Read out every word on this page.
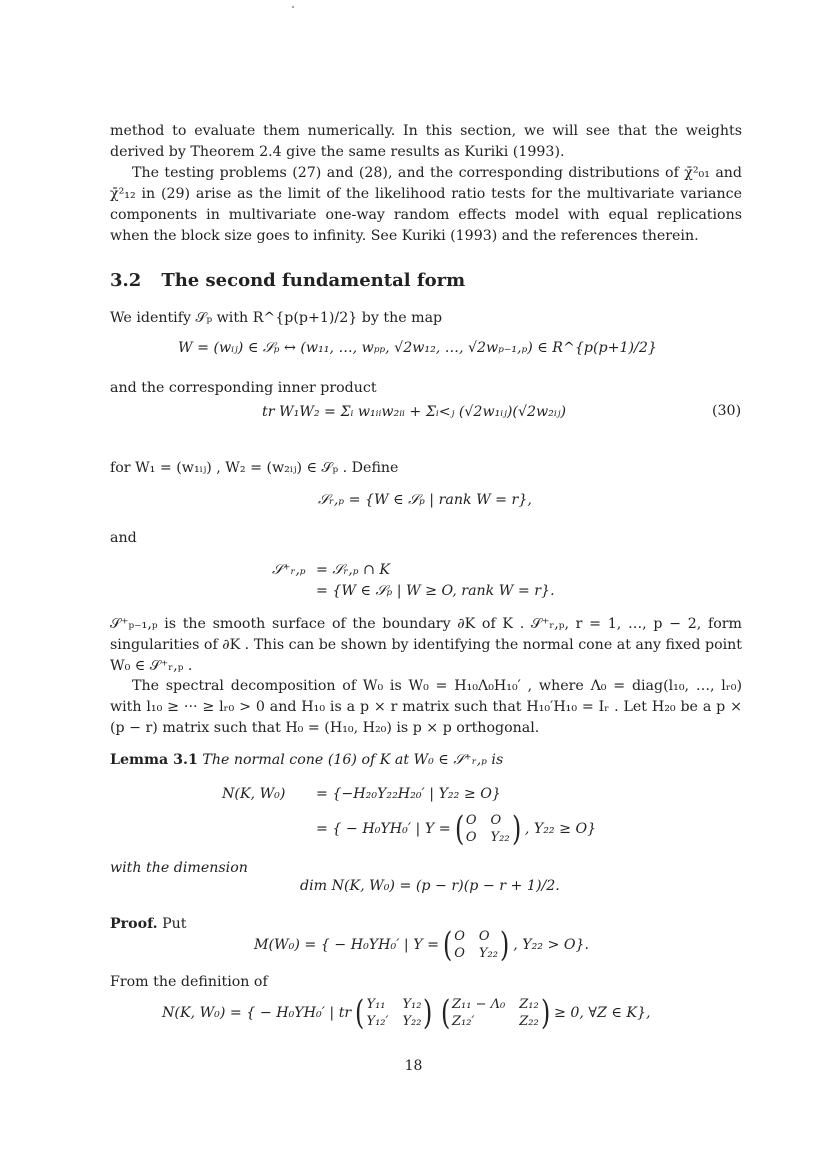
method to evaluate them numerically. In this section, we will see that the weights derived by Theorem 2.4 give the same results as Kuriki (1993).
The testing problems (27) and (28), and the corresponding distributions of χ̄²₀₁ and χ̄²₁₂ in (29) arise as the limit of the likelihood ratio tests for the multivariate variance components in multivariate one-way random effects model with equal replications when the block size goes to infinity. See Kuriki (1993) and the references therein.
3.2 The second fundamental form
We identify 𝒮ₚ with R^{p(p+1)/2} by the map
W = (wᵢⱼ) ∈ 𝒮ₚ ↔ (w₁₁, …, wₚₚ, √2w₁₂, …, √2wₚ₋₁,ₚ) ∈ R^{p(p+1)/2}
and the corresponding inner product
tr W₁W₂ = Σᵢ w₁ᵢᵢw₂ᵢᵢ + Σᵢ<ⱼ (√2w₁ᵢⱼ)(√2w₂ᵢⱼ)	(30)
for W₁ = (w₁ᵢⱼ) , W₂ = (w₂ᵢⱼ) ∈ 𝒮ₚ . Define
𝒮ᵣ,ₚ = {W ∈ 𝒮ₚ | rank W = r},
and
𝒮⁺ᵣ,ₚ = 𝒮ᵣ,ₚ ∩ K
= {W ∈ 𝒮ₚ | W ≥ O, rank W = r}.
𝒮⁺ₚ₋₁,ₚ is the smooth surface of the boundary ∂K of K . 𝒮⁺ᵣ,ₚ, r = 1, …, p − 2, form singularities of ∂K . This can be shown by identifying the normal cone at any fixed point W₀ ∈ 𝒮⁺ᵣ,ₚ .
The spectral decomposition of W₀ is W₀ = H₁₀Λ₀H₁₀′ , where Λ₀ = diag(l₁₀, …, lᵣ₀) with l₁₀ ≥ ··· ≥ lᵣ₀ > 0 and H₁₀ is a p × r matrix such that H₁₀′H₁₀ = Iᵣ . Let H₂₀ be a p × (p − r) matrix such that H₀ = (H₁₀, H₂₀) is p × p orthogonal.
Lemma 3.1 The normal cone (16) of K at W₀ ∈ 𝒮⁺ᵣ,ₚ is
N(K, W₀) = {−H₂₀Y₂₂H₂₀′ | Y₂₂ ≥ O}
= { − H₀YH₀′ | Y = ( O O
O Y₂₂ ) , Y₂₂ ≥ O}
with the dimension
dim N(K, W₀) = (p − r)(p − r + 1)/2.
Proof. Put
M(W₀) = { − H₀YH₀′ | Y = ( O O
O Y₂₂ ) , Y₂₂ > O}.
From the definition of
N(K, W₀) = { − H₀YH₀′ | tr ( Y₁₁ Y₁₂
Y₁₂′ Y₂₂ ) ( Z₁₁ − Λ₀ Z₁₂
Z₁₂′	Z₂₂ ) ≥ 0, ∀Z ∈ K},
18
